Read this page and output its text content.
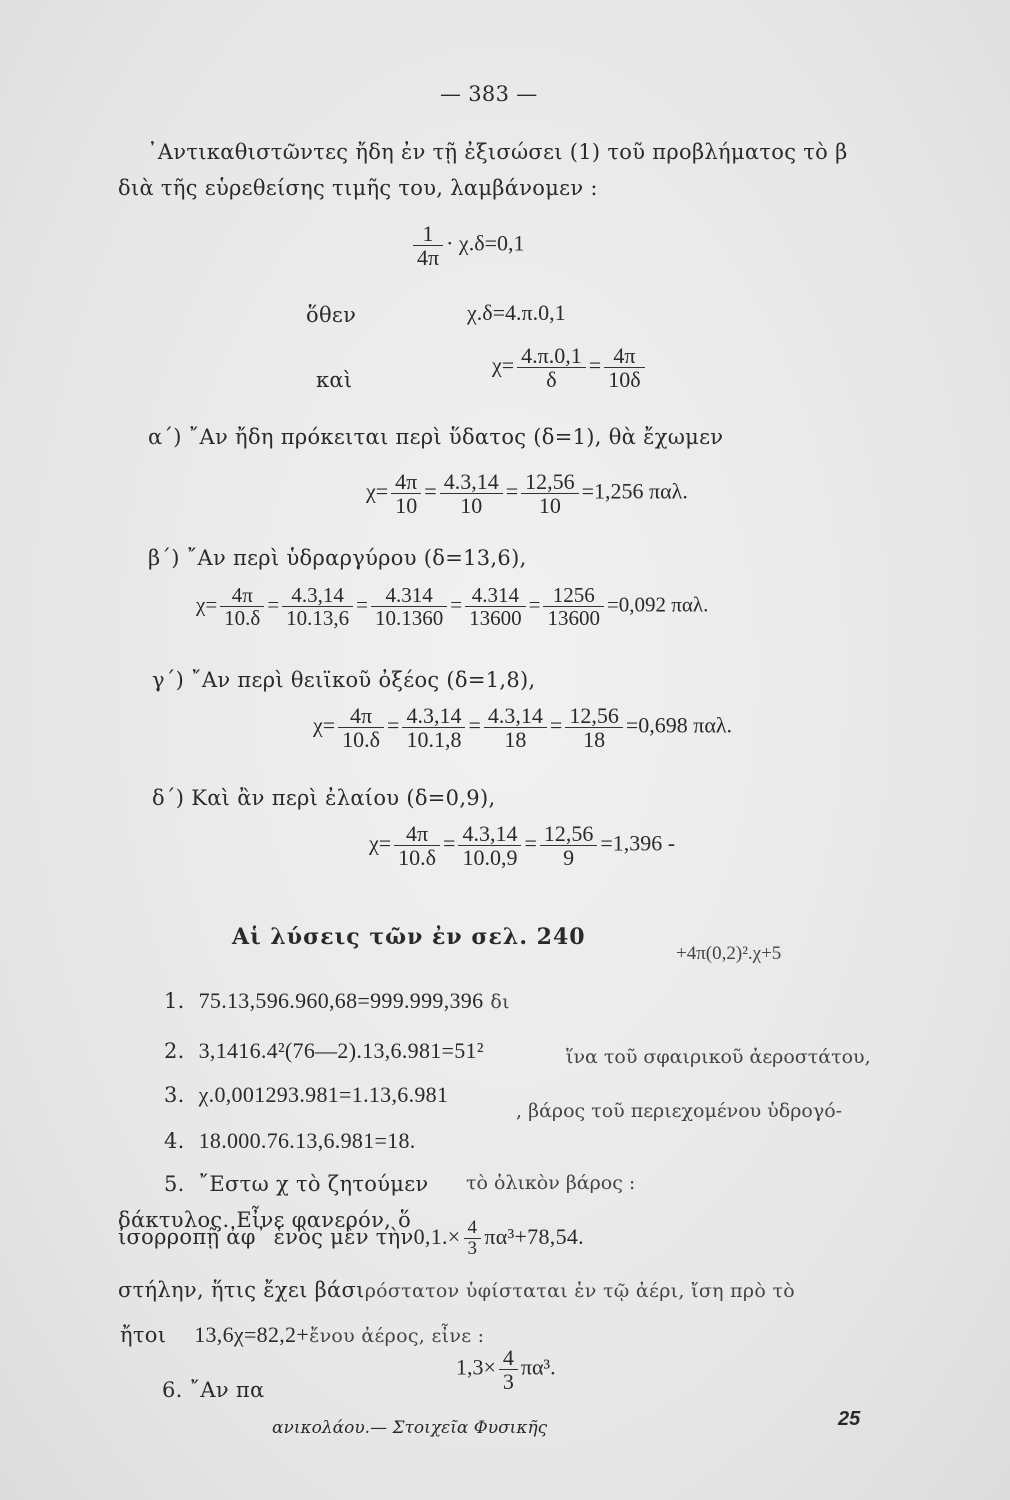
— 383 —
᾽Αντικαθιστῶντες ἤδη ἐν τῇ ἐξισώσει (1) τοῦ προβλήματος τὸ β
διὰ τῆς εὑρεθείσης τιμῆς του, λαμβάνομεν :
$\frac{1}{4\pi} \cdot \chi.\delta=0,1$
ὅθεν	χ.δ=4.π.0,1
καὶ
$\chi= \frac{4.\pi.0,1}{\delta} = \frac{4\pi}{10\delta}$
α΄) ῎Αν ἤδη πρόκειται περὶ ὕδατος (δ=1), θὰ ἔχωμεν
$\chi= \frac{4\pi}{10} = \frac{4.3,14}{10} = \frac{12,56}{10} =1,256$ παλ.
β΄) ῎Αν περὶ ὑδραργύρου (δ=13,6),
$\chi= \frac{4\pi}{10.\delta} = \frac{4.3,14}{10.13,6} = \frac{4.314}{10.1360} = \frac{4.314}{13600} = \frac{1256}{13600} =0,092$ παλ.
γ΄) ῎Αν περὶ θειϊκοῦ ὀξέος (δ=1,8),
$\chi= \frac{4\pi}{10.\delta} = \frac{4.3,14}{10.1,8} = \frac{4.3,14}{18} = \frac{12,56}{18} =0,698$ παλ.
δ΄) Καὶ ἂν περὶ ἐλαίου (δ=0,9),
$\chi= \frac{4\pi}{10.\delta} = \frac{4.3,14}{10.0,9} = \frac{12,56}{9} =1,396$ ‑
Αἱ λύσεις τῶν ἐν σελ. 240
+4π(0,2)².χ+5
1. 75.13,596.960,68=999.999,396 δι
2. 3,1416.4²(76—2).13,6.981=51²	ἵνα τοῦ σφαιρικοῦ ἀεροστάτου,
3. χ.0,001293.981=1.13,6.981
, βάρος τοῦ περιεχομένου ὑδρογό-
4. 18.000.76.13,6.981=18.
5. ῎Εστω χ τὸ ζητούμεν τὸ ὁλικὸν βάρος :
δάκτυλος. Εἶνε φανερόν, ὅ
ἰσορροπῇ ἀφ᾽ ἑνὸς μὲν τὴν0,1.× $\frac{4}{3} \pi\alpha^3+78,54$.
στήλην, ἥτις ἔχει βάσιρόστατον ὑφίσταται ἐν τῷ ἀέρι, ἴση πρὸ τὸ
ἤτοι 13,6χ=82,2+ἔνου ἀέρος, εἶνε :
6. ῎Αν πα
$1,3\times \frac{4}{3} \pi\alpha^3$.
ανικολάου.— Στοιχεῖα Φυσικῆς	25
